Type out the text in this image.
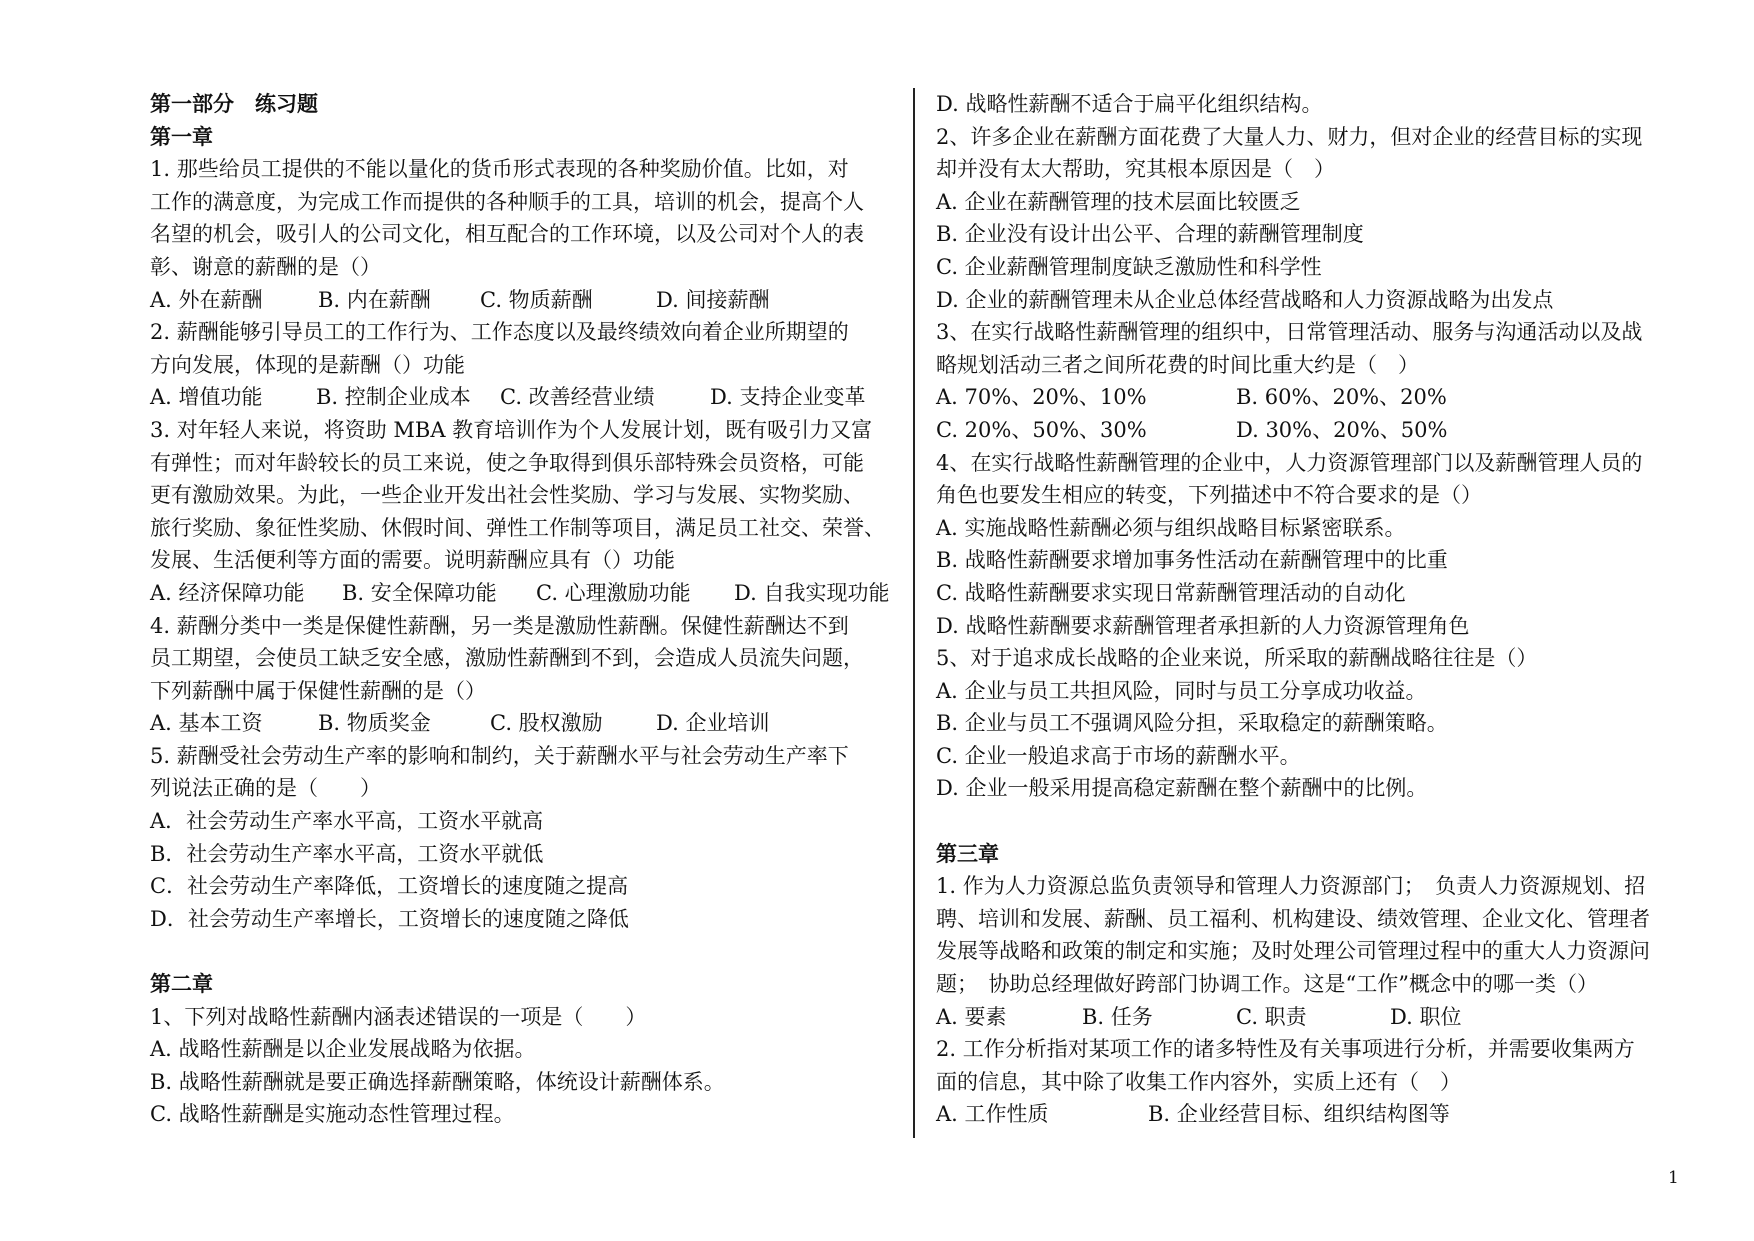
第一部分　练习题
第一章
1. 那些给员工提供的不能以量化的货币形式表现的各种奖励价值。比如，对
工作的满意度，为完成工作而提供的各种顺手的工具，培训的机会，提高个人
名望的机会，吸引人的公司文化，相互配合的工作环境，以及公司对个人的表
彰、谢意的薪酬的是（）
A. 外在薪酬	B. 内在薪酬	C. 物质薪酬	D. 间接薪酬
2. 薪酬能够引导员工的工作行为、工作态度以及最终绩效向着企业所期望的
方向发展，体现的是薪酬（）功能
A. 增值功能	B. 控制企业成本	C. 改善经营业绩	D. 支持企业变革
3. 对年轻人来说，将资助 MBA 教育培训作为个人发展计划，既有吸引力又富
有弹性；而对年龄较长的员工来说，使之争取得到俱乐部特殊会员资格，可能
更有激励效果。为此，一些企业开发出社会性奖励、学习与发展、实物奖励、
旅行奖励、象征性奖励、休假时间、弹性工作制等项目，满足员工社交、荣誉、
发展、生活便利等方面的需要。说明薪酬应具有（）功能
A. 经济保障功能	B. 安全保障功能	C. 心理激励功能	D. 自我实现功能
4. 薪酬分类中一类是保健性薪酬，另一类是激励性薪酬。保健性薪酬达不到
员工期望，会使员工缺乏安全感，激励性薪酬到不到，会造成人员流失问题，
下列薪酬中属于保健性薪酬的是（）
A. 基本工资	B. 物质奖金	C. 股权激励	D. 企业培训
5. 薪酬受社会劳动生产率的影响和制约，关于薪酬水平与社会劳动生产率下
列说法正确的是（　　）
A．社会劳动生产率水平高，工资水平就高
B．社会劳动生产率水平高，工资水平就低
C．社会劳动生产率降低，工资增长的速度随之提高
D．社会劳动生产率增长，工资增长的速度随之降低
第二章
1、下列对战略性薪酬内涵表述错误的一项是（　　）
A. 战略性薪酬是以企业发展战略为依据。
B. 战略性薪酬就是要正确选择薪酬策略，体统设计薪酬体系。
C. 战略性薪酬是实施动态性管理过程。
D. 战略性薪酬不适合于扁平化组织结构。
2、许多企业在薪酬方面花费了大量人力、财力，但对企业的经营目标的实现
却并没有太大帮助，究其根本原因是（　）
A. 企业在薪酬管理的技术层面比较匮乏
B. 企业没有设计出公平、合理的薪酬管理制度
C. 企业薪酬管理制度缺乏激励性和科学性
D. 企业的薪酬管理未从企业总体经营战略和人力资源战略为出发点
3、在实行战略性薪酬管理的组织中，日常管理活动、服务与沟通活动以及战
略规划活动三者之间所花费的时间比重大约是（　）
A. 70%、20%、10%	B. 60%、20%、20%
C. 20%、50%、30%	D. 30%、20%、50%
4、在实行战略性薪酬管理的企业中，人力资源管理部门以及薪酬管理人员的
角色也要发生相应的转变，下列描述中不符合要求的是（）
A. 实施战略性薪酬必须与组织战略目标紧密联系。
B. 战略性薪酬要求增加事务性活动在薪酬管理中的比重
C. 战略性薪酬要求实现日常薪酬管理活动的自动化
D. 战略性薪酬要求薪酬管理者承担新的人力资源管理角色
5、对于追求成长战略的企业来说，所采取的薪酬战略往往是（）
A. 企业与员工共担风险，同时与员工分享成功收益。
B. 企业与员工不强调风险分担，采取稳定的薪酬策略。
C. 企业一般追求高于市场的薪酬水平。
D. 企业一般采用提高稳定薪酬在整个薪酬中的比例。
第三章
1. 作为人力资源总监负责领导和管理人力资源部门；　负责人力资源规划、招
聘、培训和发展、薪酬、员工福利、机构建设、绩效管理、企业文化、管理者
发展等战略和政策的制定和实施；及时处理公司管理过程中的重大人力资源问
题；　协助总经理做好跨部门协调工作。这是“工作”概念中的哪一类（）
A. 要素	B. 任务	C. 职责	D. 职位
2. 工作分析指对某项工作的诸多特性及有关事项进行分析，并需要收集两方
面的信息，其中除了收集工作内容外，实质上还有（　）
A. 工作性质	B. 企业经营目标、组织结构图等
1
